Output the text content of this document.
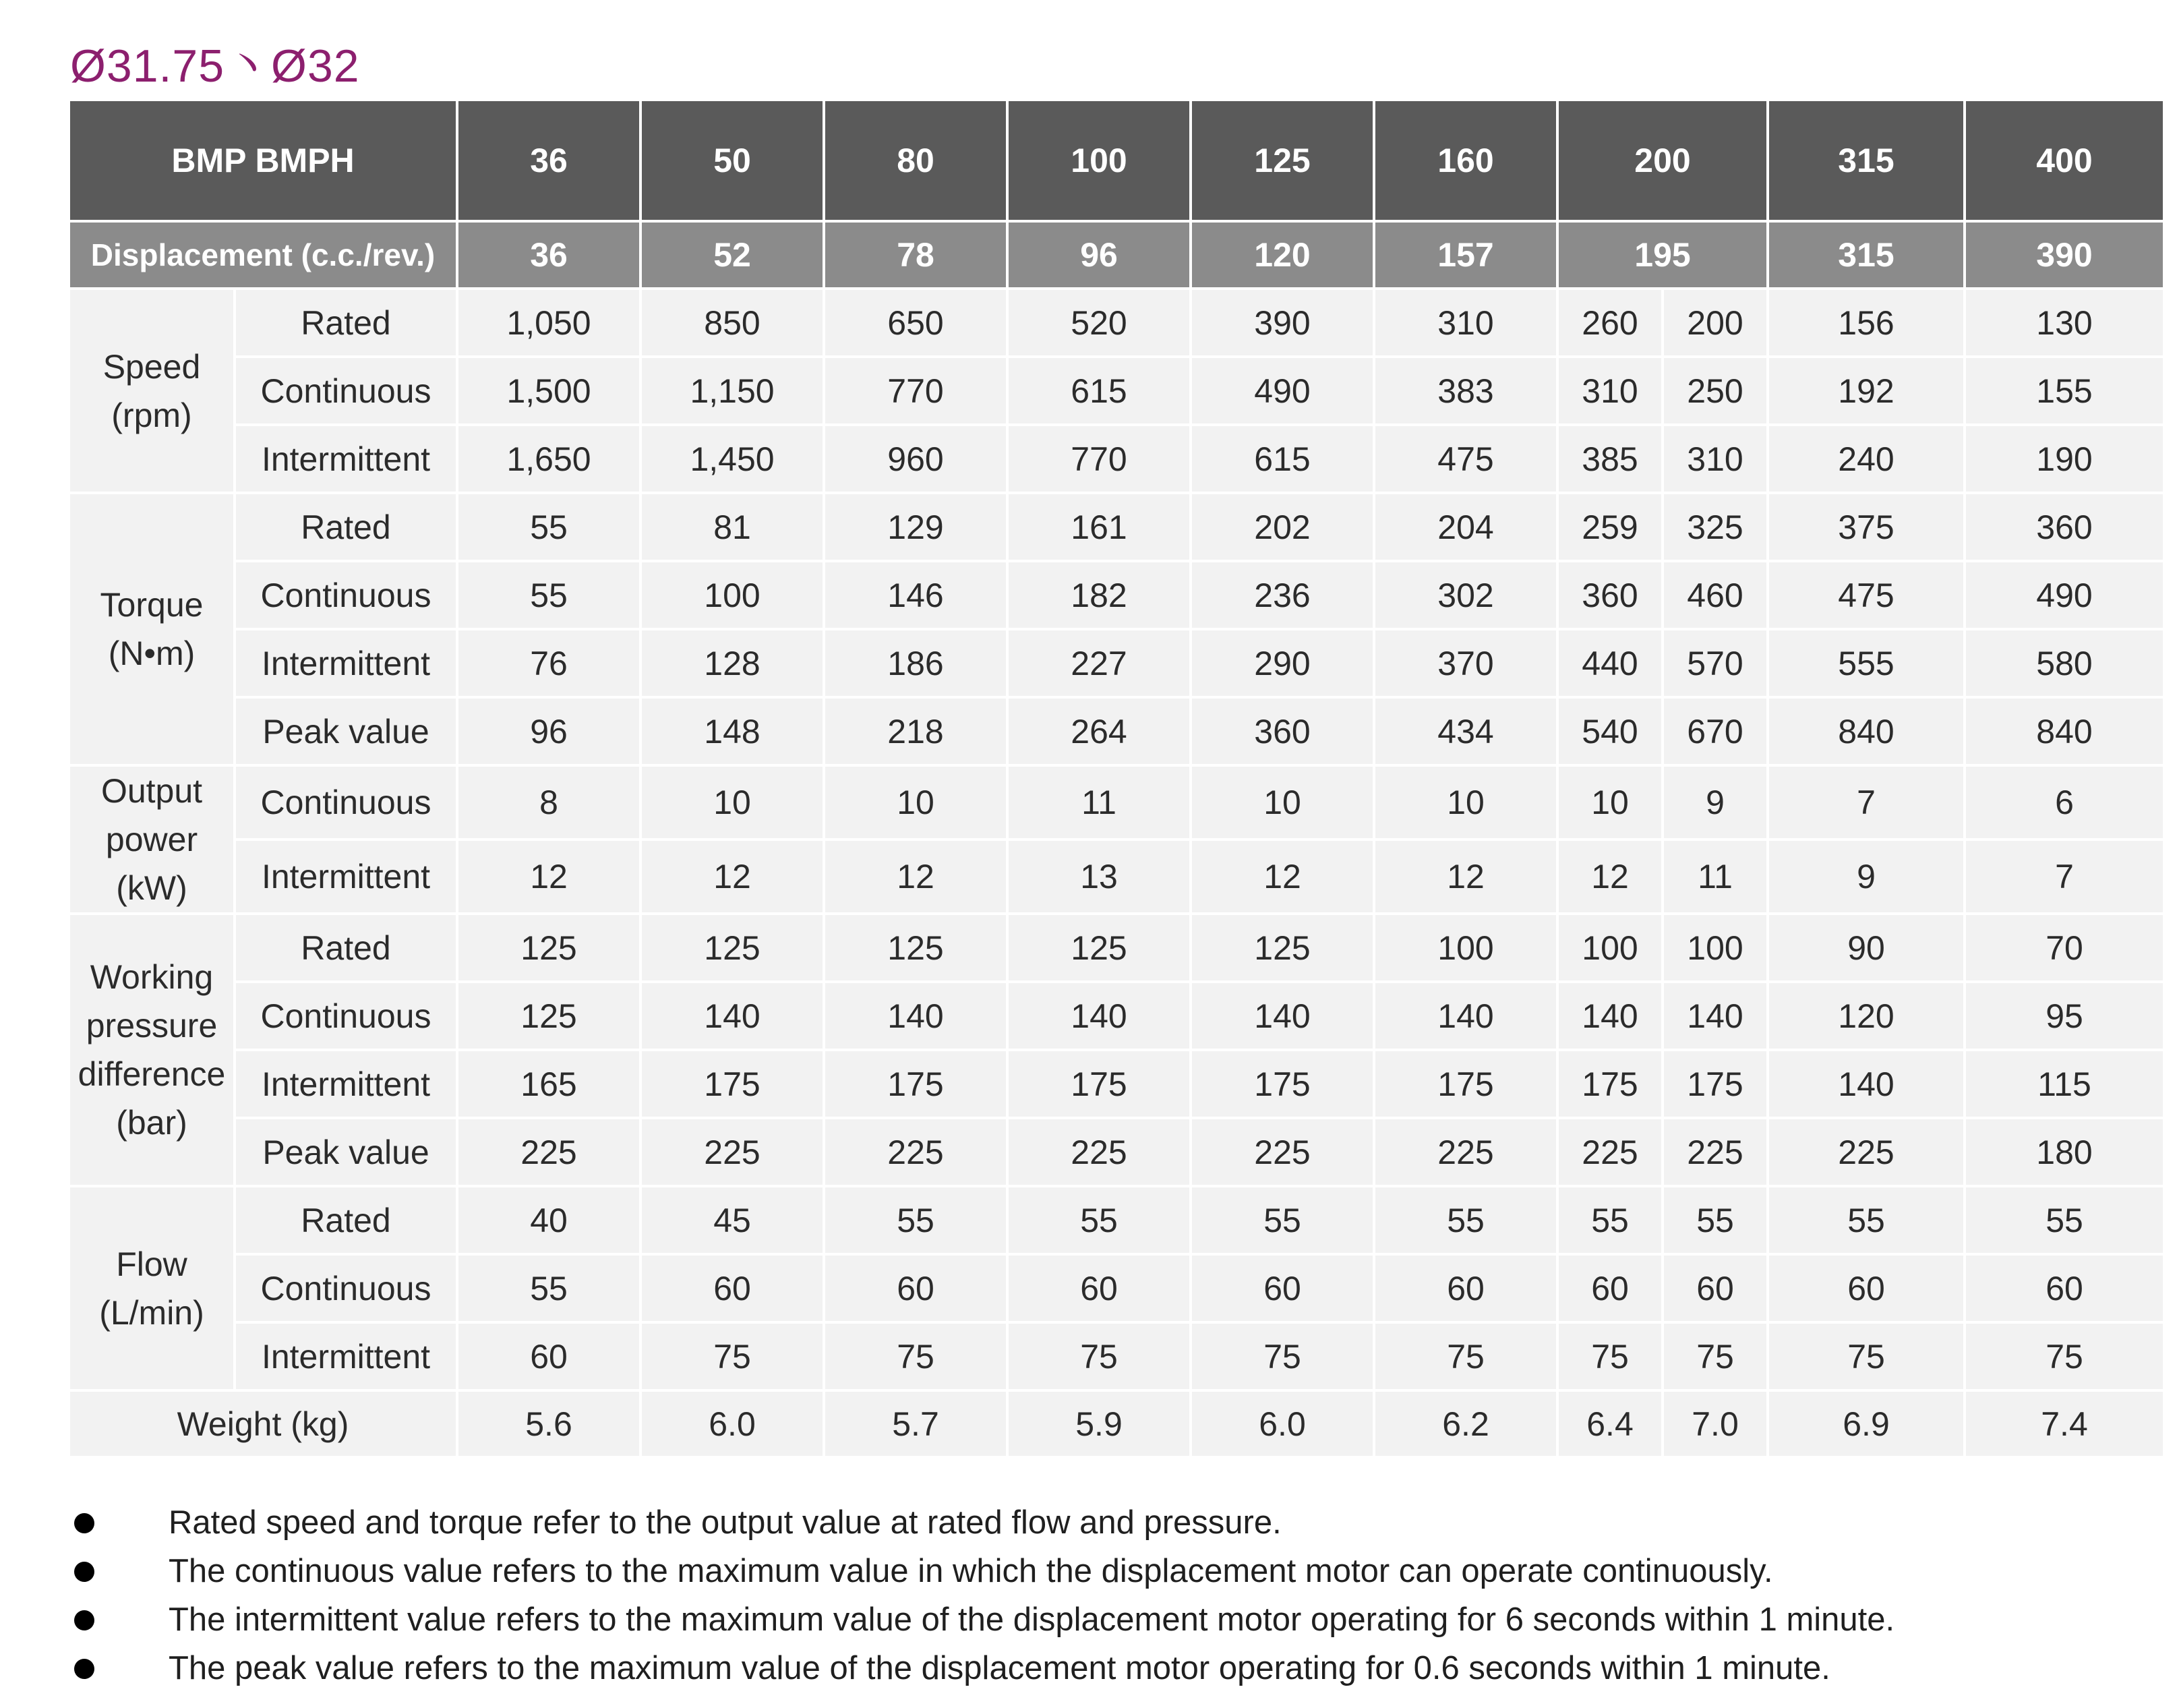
Ø31.75丶Ø32
BMP BMPH		36	50	80	100	125	160	200		315	400
Displacement (c.c./rev.)		36	52	78	96	120	157	195		315	390
Speed (rpm)	Rated	1,050	850	650	520	390	310	260	200	156	130
	Continuous	1,500	1,150	770	615	490	383	310	250	192	155
	Intermittent	1,650	1,450	960	770	615	475	385	310	240	190
Torque (N•m)	Rated	55	81	129	161	202	204	259	325	375	360
	Continuous	55	100	146	182	236	302	360	460	475	490
	Intermittent	76	128	186	227	290	370	440	570	555	580
	Peak value	96	148	218	264	360	434	540	670	840	840
Output power (kW)	Continuous	8	10	10	11	10	10	10	9	7	6
	Intermittent	12	12	12	13	12	12	12	11	9	7
Working pressure difference (bar)	Rated	125	125	125	125	125	100	100	100	90	70
	Continuous	125	140	140	140	140	140	140	140	120	95
	Intermittent	165	175	175	175	175	175	175	175	140	115
	Peak value	225	225	225	225	225	225	225	225	225	180
Flow (L/min)	Rated	40	45	55	55	55	55	55	55	55	55
	Continuous	55	60	60	60	60	60	60	60	60	60
	Intermittent	60	75	75	75	75	75	75	75	75	75
Weight (kg)		5.6	6.0	5.7	5.9	6.0	6.2	6.4	7.0	6.9	7.4
Rated speed and torque refer to the output value at rated flow and pressure.
The continuous value refers to the maximum value in which the displacement motor can operate continuously.
The intermittent value refers to the maximum value of the displacement motor operating for 6 seconds within 1 minute.
The peak value refers to the maximum value of the displacement motor operating for 0.6 seconds within 1 minute.
